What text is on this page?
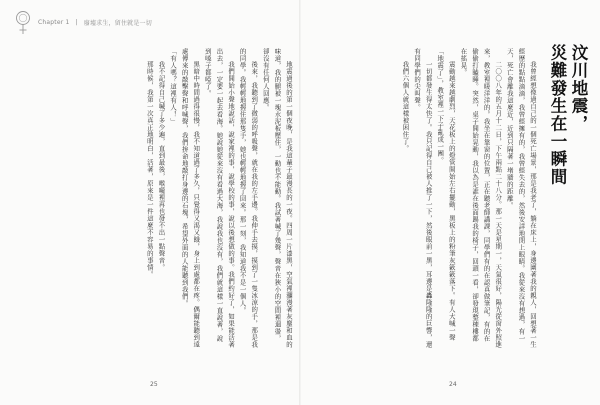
Chapter 1 | 廢墟求生，留住就是一切

地震過後的第一個夜晚，是我這輩子最漫長的一夜。四周一片漆黑，空氣裡瀰漫著灰塵和血的味道，我的腿被一塊水泥板壓住，一動也不能動。我試著喊了幾聲，聲音在狹小的空間裡迴盪，卻沒有任何人回應。

後來，我聽到了微弱的呼吸聲，就在我的左手邊。我伸手去摸，摸到了一隻冰涼的手，那是我的同學。我輕輕地握住那隻手，她也輕輕地握了回來。那一刻，我知道我不是一個人。

我們開始小聲地說話，說家裡的事，說學校的事，說以後想做的事。我們約好了，如果能活著出去，一定要一起去看海。她說她從來沒有看過大海，我說我也沒有，我們就這樣一直說著，說到嗓子都啞了。

黑暗中時間過得很慢，我不知道過了多久，只覺得又渴又餓，身上到處都在疼。偶爾能聽到遠處傳來的敲擊聲和呼喊聲，我們拚命地敲打身邊的石塊，希望外面的人能聽到我們。

「有人嗎？這裡有人！」

我不記得自己喊了多少遍，直到最後，喉嚨裡再也發不出一點聲音。

那時候，我第一次真正地明白，活著，原來是一件這麼不容易的事情。	我曾經想像過自己的一個死亡場景，那是我老了，躺在床上，身邊圍著我的親人，回想著一生經歷的點點滴滴，我曾經擁有的，我曾經失去的，然後安詳地閉上眼睛。我從來沒有想過，有一天，死亡會離我這麼近，近到只隔著一堵牆的距離。

二〇〇八年的五月十二日，下午兩點二十八分。那一天是星期一，天氣很好，陽光從窗外照進來，教室裡暖洋洋的。我坐在靠窗的位置，正在聽老師講課，同學們有的在認真做筆記，有的在偷偷打瞌睡。突然，桌子開始晃動，我以為是誰在後面踢我的椅子，回頭一看，卻發現整棟樓都在搖晃。

震動越來越劇烈，天花板上的燈管開始左右擺動，黑板上的粉筆灰簌簌落下。有人大喊一聲「地震了」，教室裡一下子亂成一團。

一切都發生得太快了。我只記得自己被人推了一下，然後眼前一黑，耳邊是轟隆隆的巨響，還有同學們的尖叫聲。

我們六個人就這樣被困住了。	汶川地震，
災難發生在一瞬間
25	24
